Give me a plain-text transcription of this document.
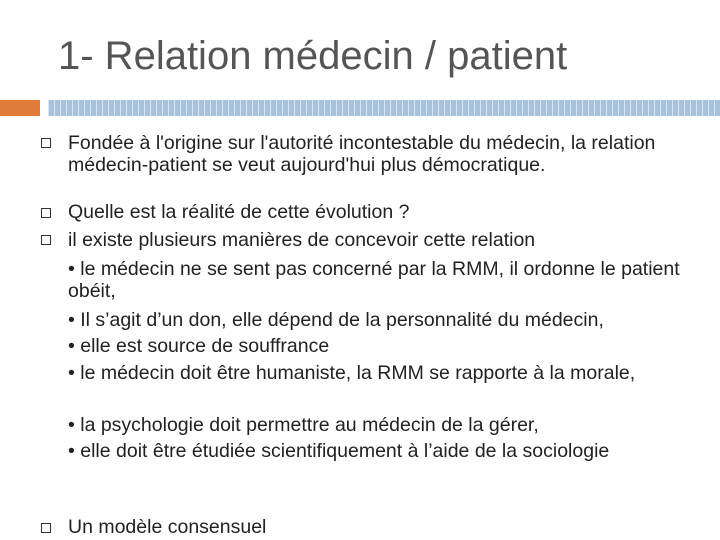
1- Relation médecin / patient
Fondée à l'origine sur l'autorité incontestable du médecin, la relation médecin-patient se veut aujourd'hui plus démocratique.
Quelle est la réalité de cette évolution ?
il existe plusieurs manières de concevoir cette relation
• le médecin ne se sent pas concerné par la RMM, il ordonne le patient obéit,
• Il s’agit d’un don, elle dépend de la personnalité du médecin,
• elle est source de souffrance
• le médecin doit être humaniste, la RMM se rapporte à la morale,
• la psychologie doit permettre au médecin de la gérer,
• elle doit être étudiée scientifiquement à l’aide de la sociologie
Un modèle consensuel
